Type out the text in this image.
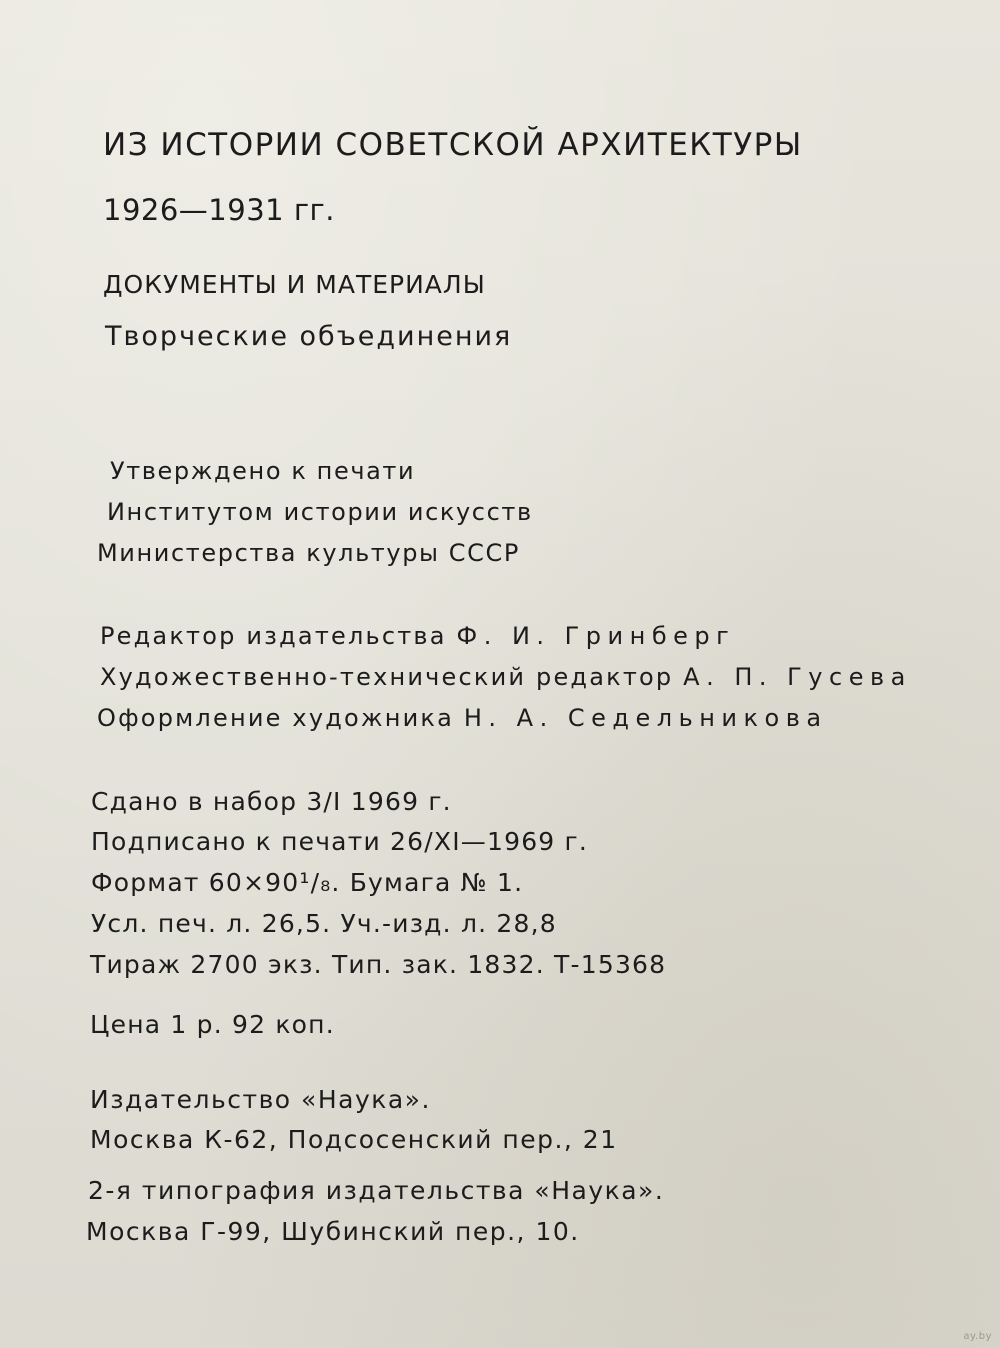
ИЗ ИСТОРИИ СОВЕТСКОЙ АРХИТЕКТУРЫ
1926—1931 гг.
ДОКУМЕНТЫ И МАТЕРИАЛЫ
Творческие объединения
Утверждено к печати
Институтом истории искусств
Министерства культуры СССР
Редактор издательства Ф. И. Гринберг
Художественно-технический редактор А. П. Гусева
Оформление художника Н. А. Седельникова
Сдано в набор 3/I 1969 г.
Подписано к печати 26/XI—1969 г.
Формат 60×90¹/₈. Бумага № 1.
Усл. печ. л. 26,5. Уч.-изд. л. 28,8
Тираж 2700 экз. Тип. зак. 1832. Т-15368
Цена 1 р. 92 коп.
Издательство «Наука».
Москва К-62, Подсосенский пер., 21
2-я типография издательства «Наука».
Москва Г-99, Шубинский пер., 10.
ay.by
